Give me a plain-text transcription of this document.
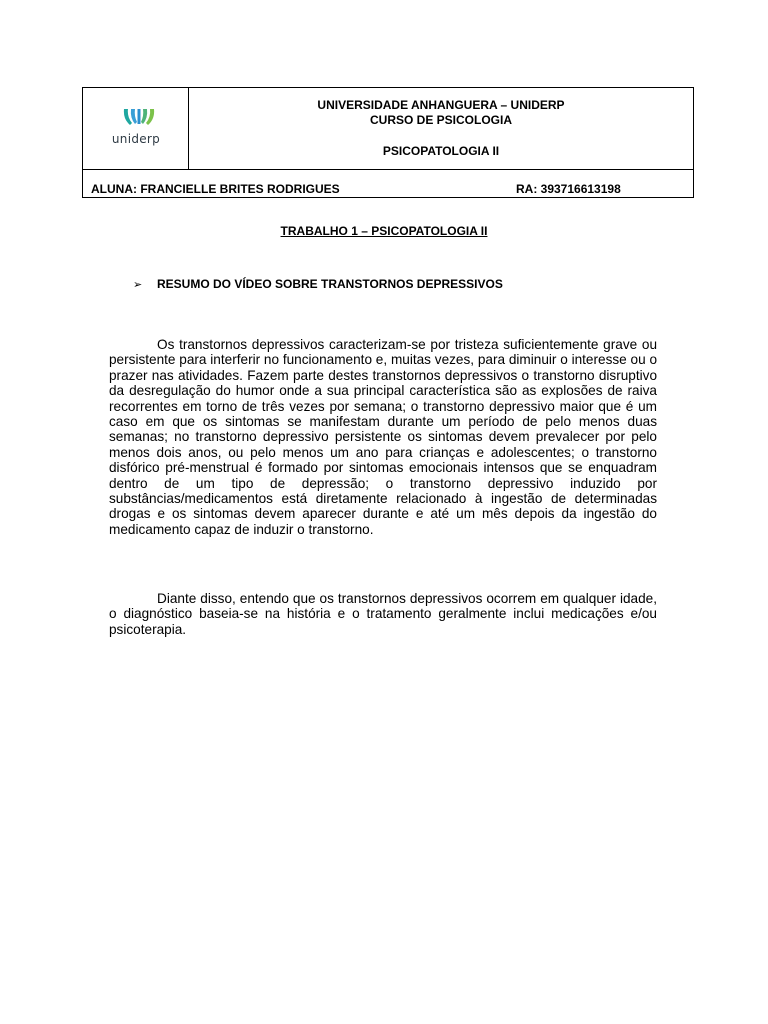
uniderp
UNIVERSIDADE ANHANGUERA – UNIDERP
CURSO DE PSICOLOGIA
PSICOPATOLOGIA II
ALUNA: FRANCIELLE BRITES RODRIGUES	RA: 393716613198
TRABALHO 1 – PSICOPATOLOGIA II
➢ RESUMO DO VÍDEO SOBRE TRANSTORNOS DEPRESSIVOS

Os transtornos depressivos caracterizam-se por tristeza suficientemente grave ou persistente para interferir no funcionamento e, muitas vezes, para diminuir o interesse ou o prazer nas atividades. Fazem parte destes transtornos depressivos o transtorno disruptivo da desregulação do humor onde a sua principal característica são as explosões de raiva recorrentes em torno de três vezes por semana; o transtorno depressivo maior que é um caso em que os sintomas se manifestam durante um período de pelo menos duas semanas; no transtorno depressivo persistente os sintomas devem prevalecer por pelo menos dois anos, ou pelo menos um ano para crianças e adolescentes; o transtorno disfórico pré-menstrual é formado por sintomas emocionais intensos que se enquadram dentro de um tipo de depressão; o transtorno depressivo induzido por substâncias/medicamentos está diretamente relacionado à ingestão de determinadas drogas e os sintomas devem aparecer durante e até um mês depois da ingestão do medicamento capaz de induzir o transtorno.

Diante disso, entendo que os transtornos depressivos ocorrem em qualquer idade, o diagnóstico baseia-se na história e o tratamento geralmente inclui medicações e/ou psicoterapia.
